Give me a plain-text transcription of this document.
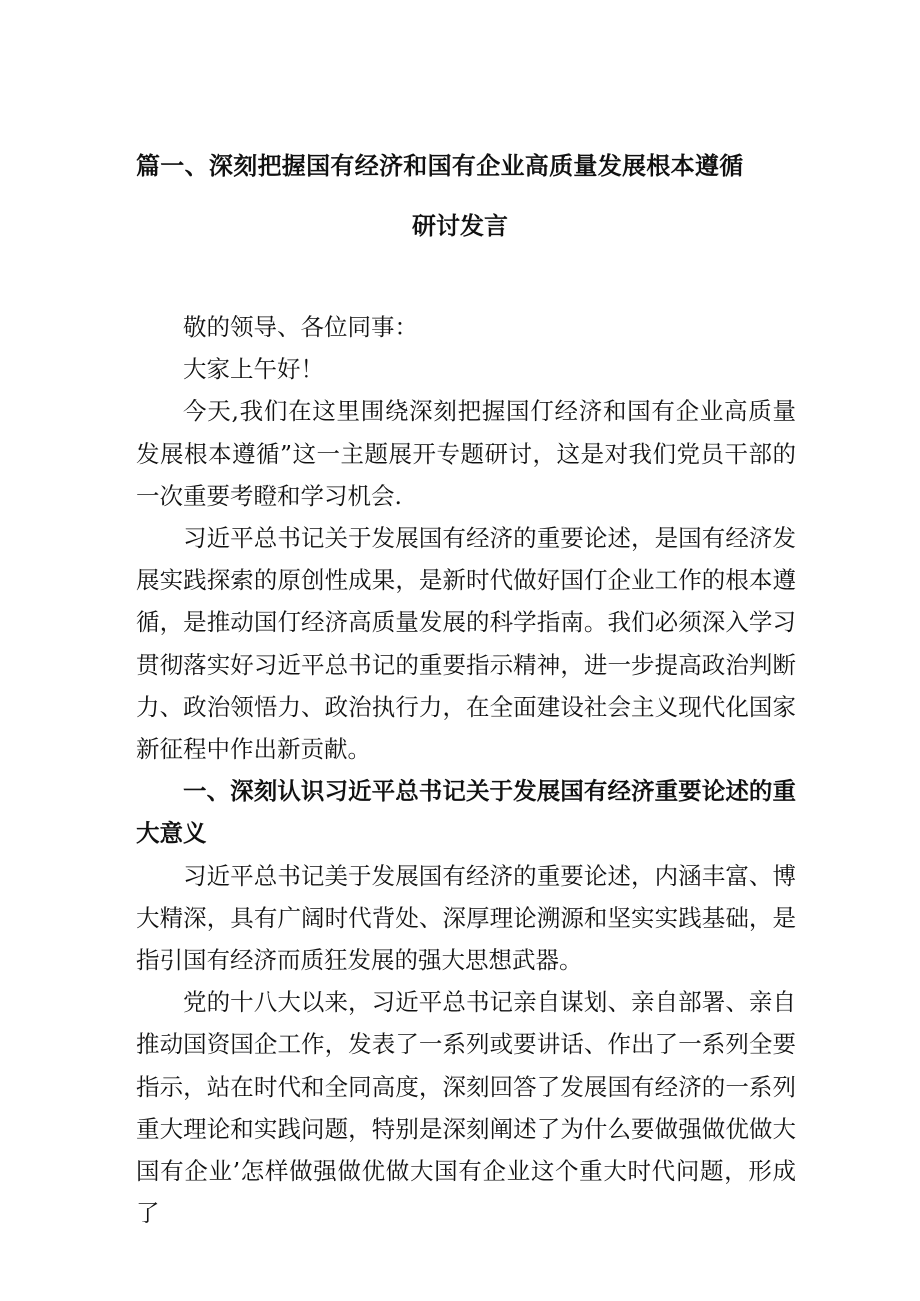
篇一、深刻把握国有经济和国有企业高质量发展根本遵循
研讨发言

敬的领导、各位同事：

大家上午好！

今天,我们在这里围绕深刻把握国仃经济和国有企业高质量发展根本遵循”这一主题展开专题研讨，这是对我们党员干部的一次重要考瞪和学习机会.

习近平总书记关于发展国有经济的重要论述，是国有经济发展实践探索的原创性成果，是新时代做好国仃企业工作的根本遵循，是推动国仃经济高质量发展的科学指南。我们必须深入学习贯彻落实好习近平总书记的重要指示精神，进一步提高政治判断力、政治领悟力、政治执行力，在全面建设社会主义现代化国家新征程中作出新贡献。

一、深刻认识习近平总书记关于发展国有经济重要论述的重大意义

习近平总书记美于发展国有经济的重要论述，内涵丰富、博大精深，具有广阔时代背处、深厚理论溯源和坚实实践基础，是指引国有经济而质狂发展的强大思想武器。

党的十八大以来，习近平总书记亲自谋划、亲自部署、亲自推动国资国企工作，发表了一系列或要讲话、作出了一系列全要指示，站在时代和全同高度，深刻回答了发展国有经济的一系列重大理论和实践问题，特别是深刻阐述了为什么要做强做优做大国有企业’怎样做强做优做大国有企业这个重大时代问题，形成了
